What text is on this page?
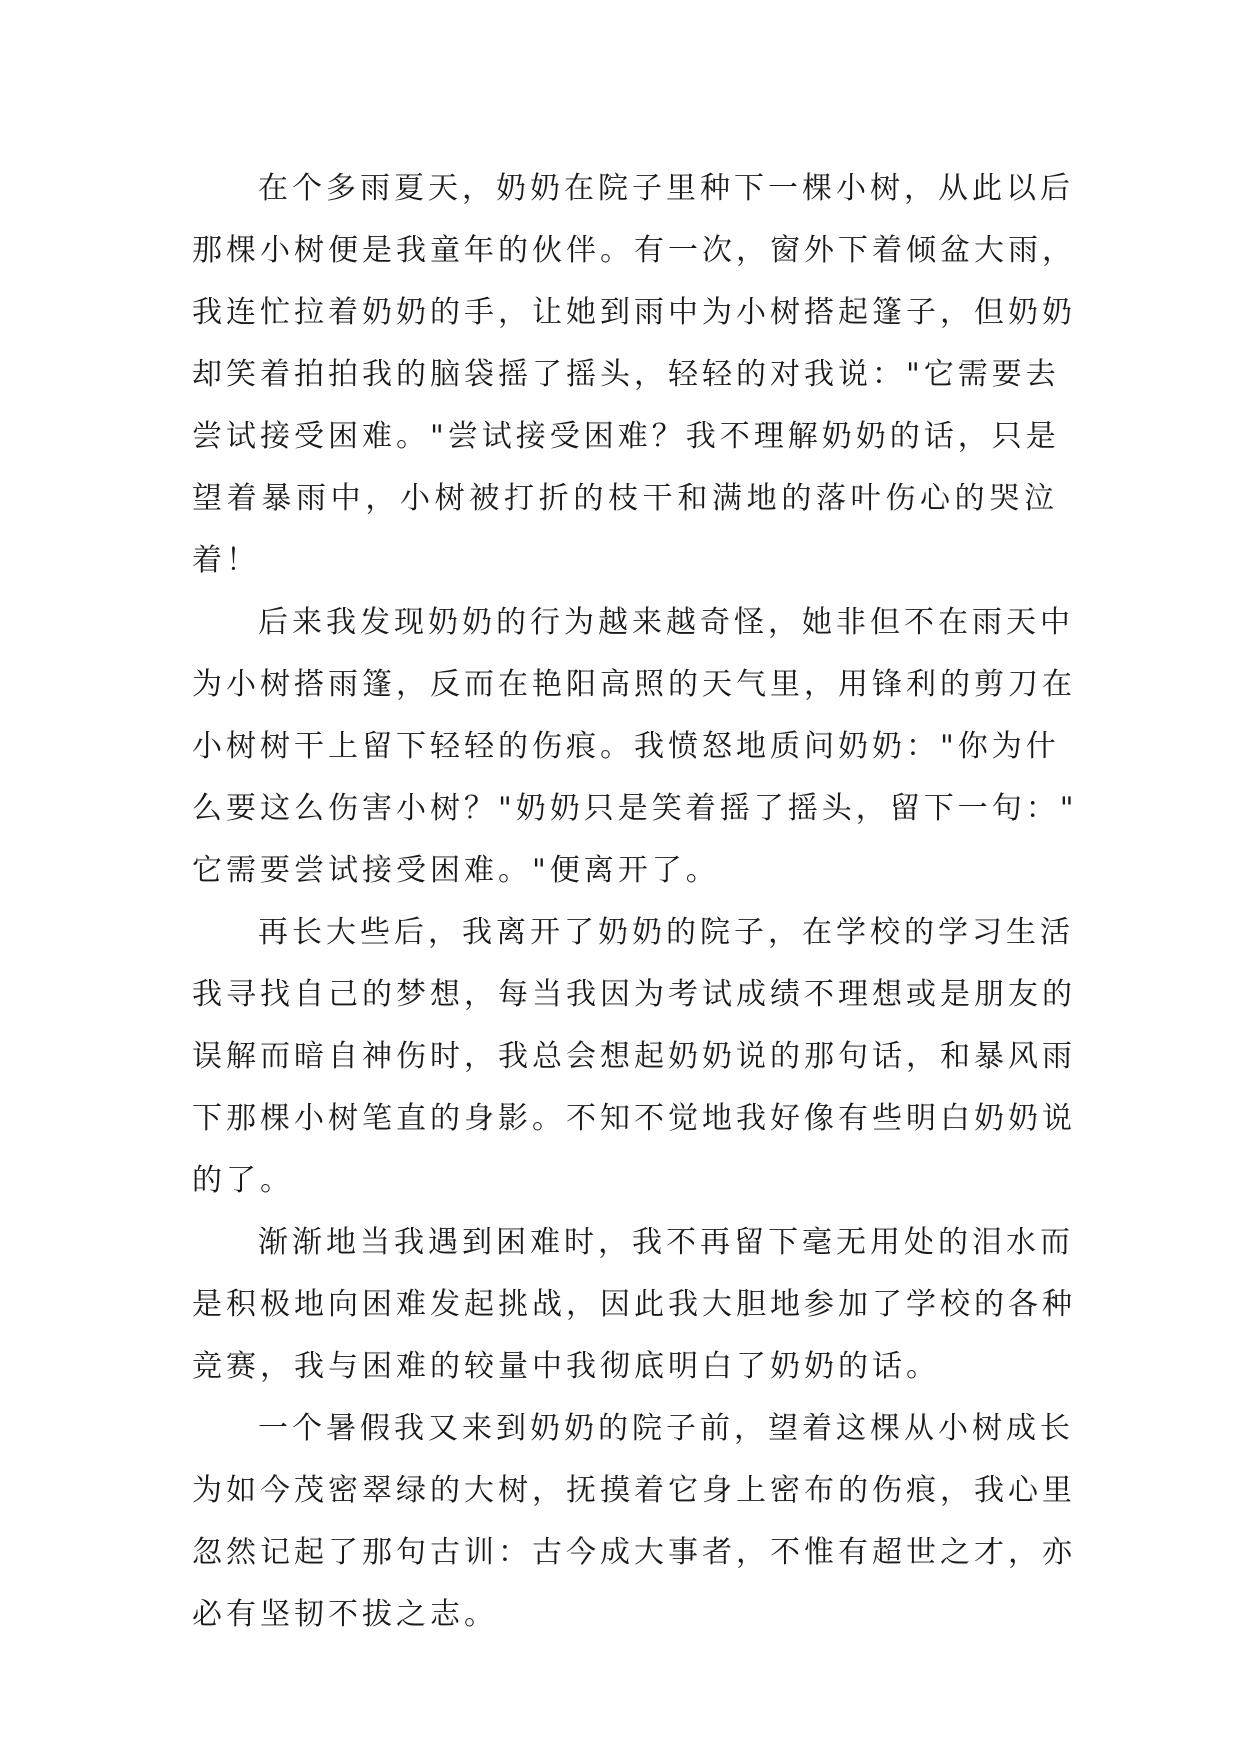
在个多雨夏天，奶奶在院子里种下一棵小树，从此以后
那棵小树便是我童年的伙伴。有一次，窗外下着倾盆大雨，
我连忙拉着奶奶的手，让她到雨中为小树搭起篷子，但奶奶
却笑着拍拍我的脑袋摇了摇头，轻轻的对我说："它需要去
尝试接受困难。"尝试接受困难？我不理解奶奶的话，只是
望着暴雨中，小树被打折的枝干和满地的落叶伤心的哭泣
着！
后来我发现奶奶的行为越来越奇怪，她非但不在雨天中
为小树搭雨篷，反而在艳阳高照的天气里，用锋利的剪刀在
小树树干上留下轻轻的伤痕。我愤怒地质问奶奶："你为什
么要这么伤害小树？"奶奶只是笑着摇了摇头，留下一句："
它需要尝试接受困难。"便离开了。
再长大些后，我离开了奶奶的院子，在学校的学习生活
我寻找自己的梦想，每当我因为考试成绩不理想或是朋友的
误解而暗自神伤时，我总会想起奶奶说的那句话，和暴风雨
下那棵小树笔直的身影。不知不觉地我好像有些明白奶奶说
的了。
渐渐地当我遇到困难时，我不再留下毫无用处的泪水而
是积极地向困难发起挑战，因此我大胆地参加了学校的各种
竞赛，我与困难的较量中我彻底明白了奶奶的话。
一个暑假我又来到奶奶的院子前，望着这棵从小树成长
为如今茂密翠绿的大树，抚摸着它身上密布的伤痕，我心里
忽然记起了那句古训：古今成大事者，不惟有超世之才，亦
必有坚韧不拔之志。
